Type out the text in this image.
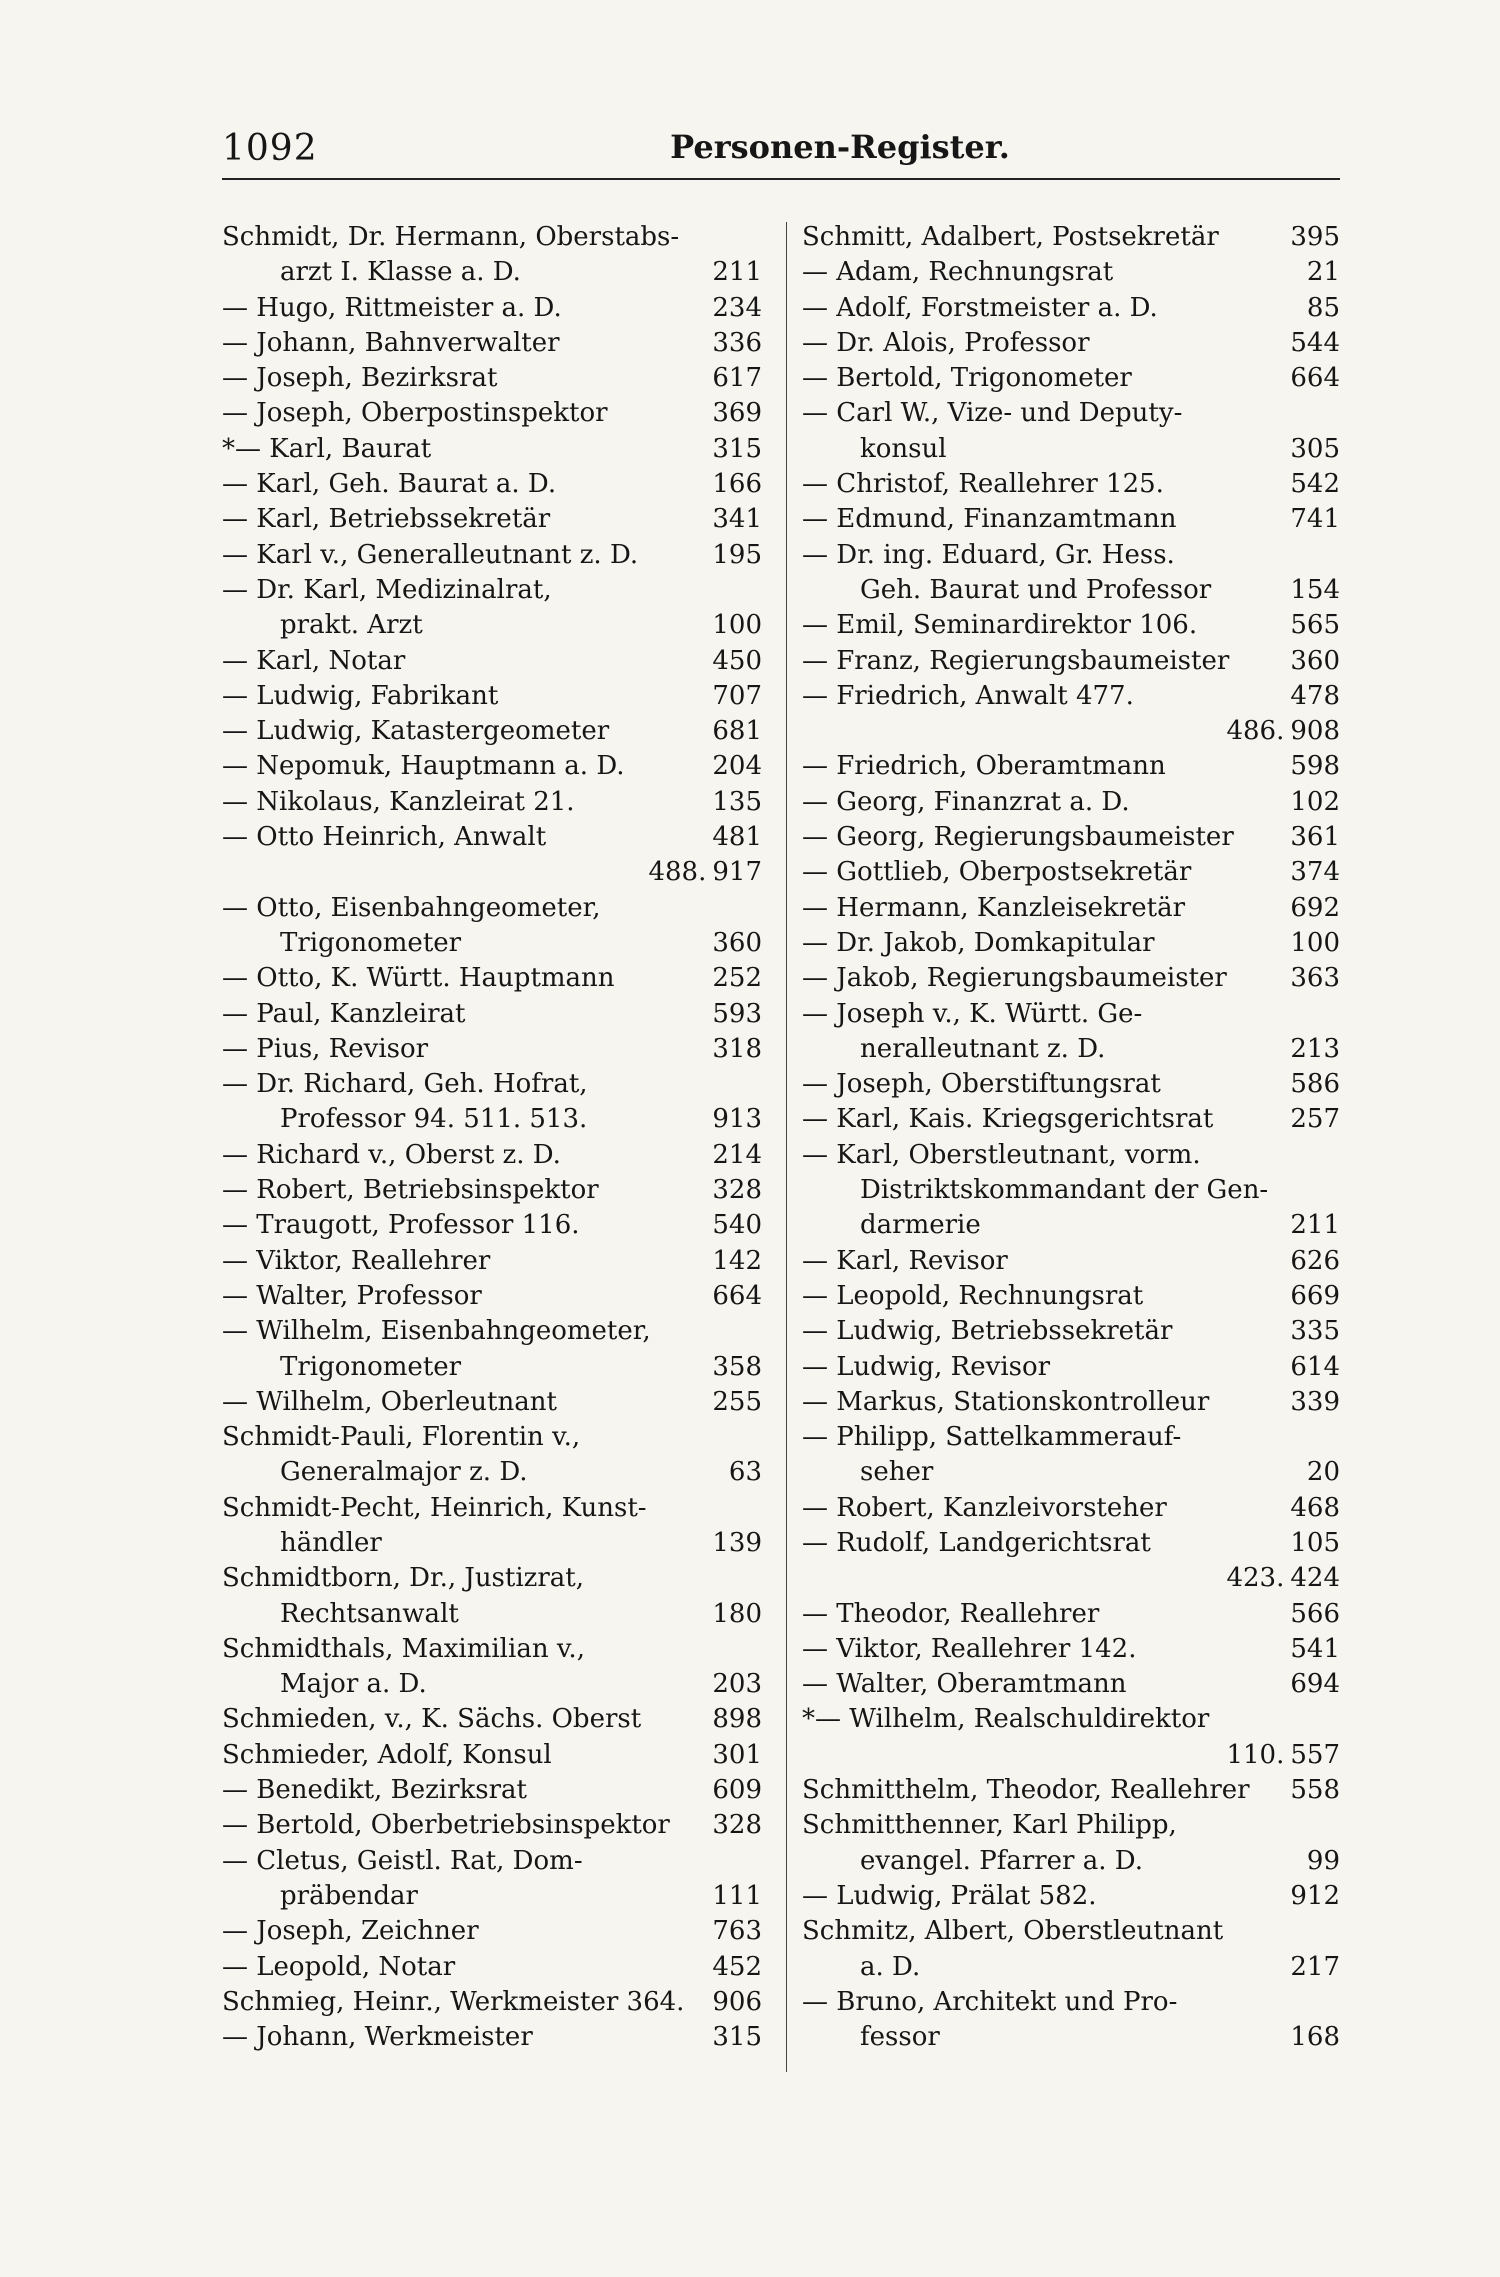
1092	Personen-Register.
Schmidt, Dr. Hermann, Oberstabs-
arzt I. Klasse a. D.	211
— Hugo, Rittmeister a. D.	234
— Johann, Bahnverwalter	336
— Joseph, Bezirksrat	617
— Joseph, Oberpostinspektor	369
*— Karl, Baurat	315
— Karl, Geh. Baurat a. D.	166
— Karl, Betriebssekretär	341
— Karl v., Generalleutnant z. D.	195
— Dr. Karl, Medizinalrat,
prakt. Arzt	100
— Karl, Notar	450
— Ludwig, Fabrikant	707
— Ludwig, Katastergeometer	681
— Nepomuk, Hauptmann a. D.	204
— Nikolaus, Kanzleirat 21.	135
— Otto Heinrich, Anwalt	481
488. 917
— Otto, Eisenbahngeometer,
Trigonometer	360
— Otto, K. Württ. Hauptmann	252
— Paul, Kanzleirat	593
— Pius, Revisor	318
— Dr. Richard, Geh. Hofrat,
Professor 94. 511. 513.	913
— Richard v., Oberst z. D.	214
— Robert, Betriebsinspektor	328
— Traugott, Professor 116.	540
— Viktor, Reallehrer	142
— Walter, Professor	664
— Wilhelm, Eisenbahngeometer,
Trigonometer	358
— Wilhelm, Oberleutnant	255
Schmidt-Pauli, Florentin v.,
Generalmajor z. D.	63
Schmidt-Pecht, Heinrich, Kunst-
händler	139
Schmidtborn, Dr., Justizrat,
Rechtsanwalt	180
Schmidthals, Maximilian v.,
Major a. D.	203
Schmieden, v., K. Sächs. Oberst	898
Schmieder, Adolf, Konsul	301
— Benedikt, Bezirksrat	609
— Bertold, Oberbetriebsinspektor	328
— Cletus, Geistl. Rat, Dom-
präbendar	111
— Joseph, Zeichner	763
— Leopold, Notar	452
Schmieg, Heinr., Werkmeister 364.	906
— Johann, Werkmeister	315
Schmitt, Adalbert, Postsekretär	395
— Adam, Rechnungsrat	21
— Adolf, Forstmeister a. D.	85
— Dr. Alois, Professor	544
— Bertold, Trigonometer	664
— Carl W., Vize- und Deputy-
konsul	305
— Christof, Reallehrer 125.	542
— Edmund, Finanzamtmann	741
— Dr. ing. Eduard, Gr. Hess.
Geh. Baurat und Professor	154
— Emil, Seminardirektor 106.	565
— Franz, Regierungsbaumeister	360
— Friedrich, Anwalt 477.	478
486. 908
— Friedrich, Oberamtmann	598
— Georg, Finanzrat a. D.	102
— Georg, Regierungsbaumeister	361
— Gottlieb, Oberpostsekretär	374
— Hermann, Kanzleisekretär	692
— Dr. Jakob, Domkapitular	100
— Jakob, Regierungsbaumeister	363
— Joseph v., K. Württ. Ge-
neralleutnant z. D.	213
— Joseph, Oberstiftungsrat	586
— Karl, Kais. Kriegsgerichtsrat	257
— Karl, Oberstleutnant, vorm.
Distriktskommandant der Gen-
darmerie	211
— Karl, Revisor	626
— Leopold, Rechnungsrat	669
— Ludwig, Betriebssekretär	335
— Ludwig, Revisor	614
— Markus, Stationskontrolleur	339
— Philipp, Sattelkammerauf-
seher	20
— Robert, Kanzleivorsteher	468
— Rudolf, Landgerichtsrat	105
423. 424
— Theodor, Reallehrer	566
— Viktor, Reallehrer 142.	541
— Walter, Oberamtmann	694
*— Wilhelm, Realschuldirektor
110. 557
Schmitthelm, Theodor, Reallehrer	558
Schmitthenner, Karl Philipp,
evangel. Pfarrer a. D.	99
— Ludwig, Prälat 582.	912
Schmitz, Albert, Oberstleutnant
a. D.	217
— Bruno, Architekt und Pro-
fessor	168
